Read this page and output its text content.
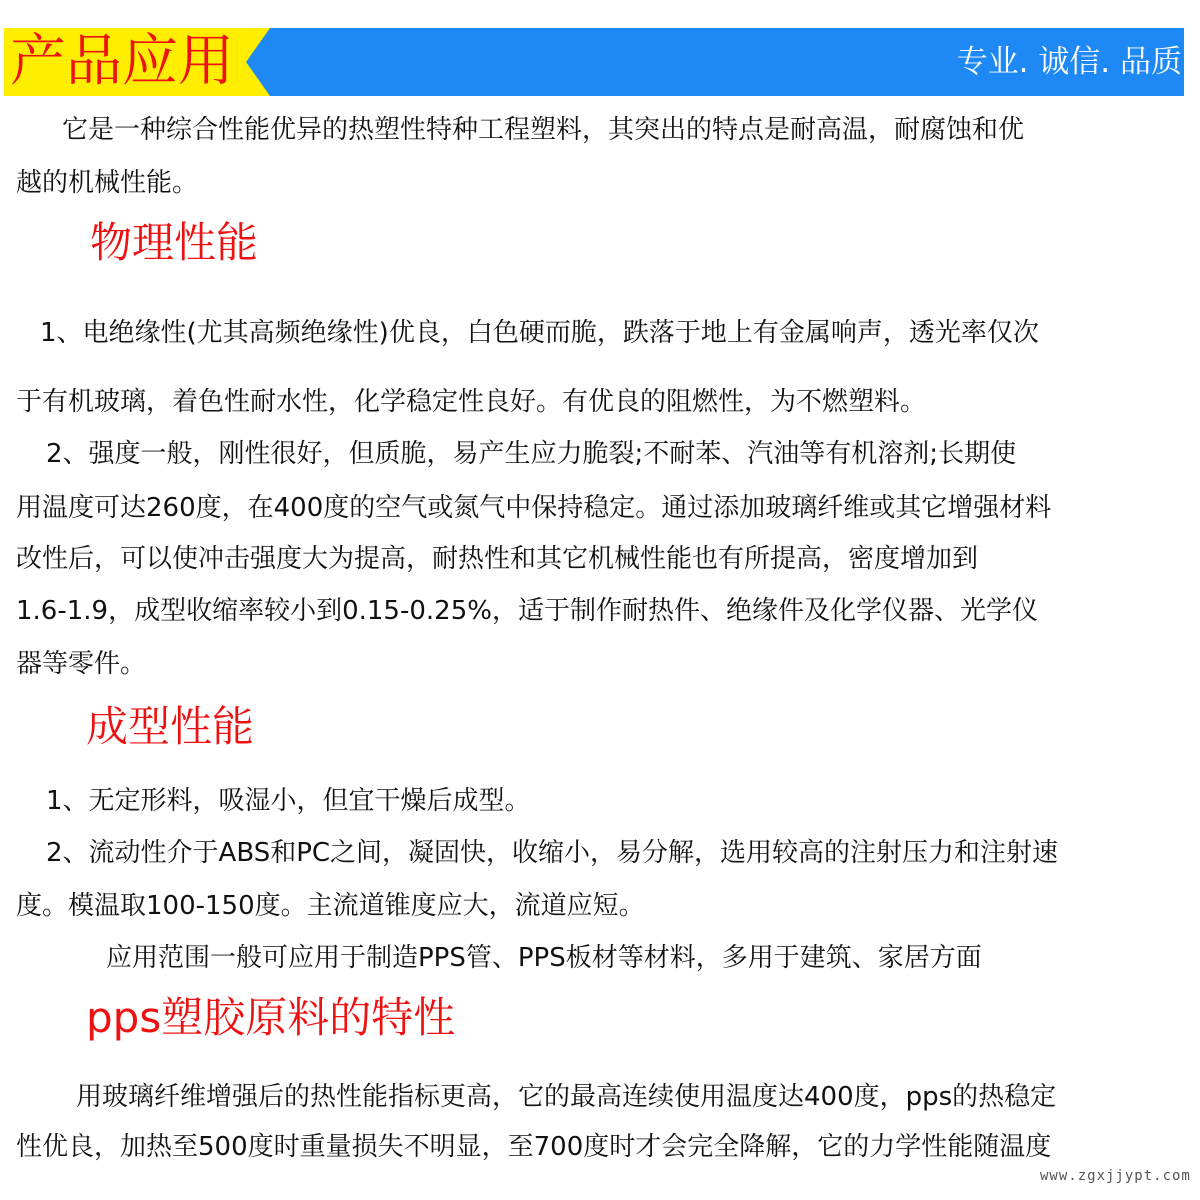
产品应用	专业. 诚信. 品质
它是一种综合性能优异的热塑性特种工程塑料，其突出的特点是耐高温，耐腐蚀和优
越的机械性能。
物理性能
1、电绝缘性(尤其高频绝缘性)优良，白色硬而脆，跌落于地上有金属响声，透光率仅次
于有机玻璃，着色性耐水性，化学稳定性良好。有优良的阻燃性，为不燃塑料。
2、强度一般，刚性很好，但质脆，易产生应力脆裂;不耐苯、汽油等有机溶剂;长期使
用温度可达260度，在400度的空气或氮气中保持稳定。通过添加玻璃纤维或其它增强材料
改性后，可以使冲击强度大为提高，耐热性和其它机械性能也有所提高，密度增加到
1.6-1.9，成型收缩率较小到0.15-0.25%，适于制作耐热件、绝缘件及化学仪器、光学仪
器等零件。
成型性能
1、无定形料，吸湿小，但宜干燥后成型。
2、流动性介于ABS和PC之间，凝固快，收缩小，易分解，选用较高的注射压力和注射速
度。模温取100-150度。主流道锥度应大，流道应短。
应用范围一般可应用于制造PPS管、PPS板材等材料，多用于建筑、家居方面
pps塑胶原料的特性
用玻璃纤维增强后的热性能指标更高，它的最高连续使用温度达400度，pps的热稳定
性优良，加热至500度时重量损失不明显，至700度时才会完全降解，它的力学性能随温度
www.zgxjjypt.com
